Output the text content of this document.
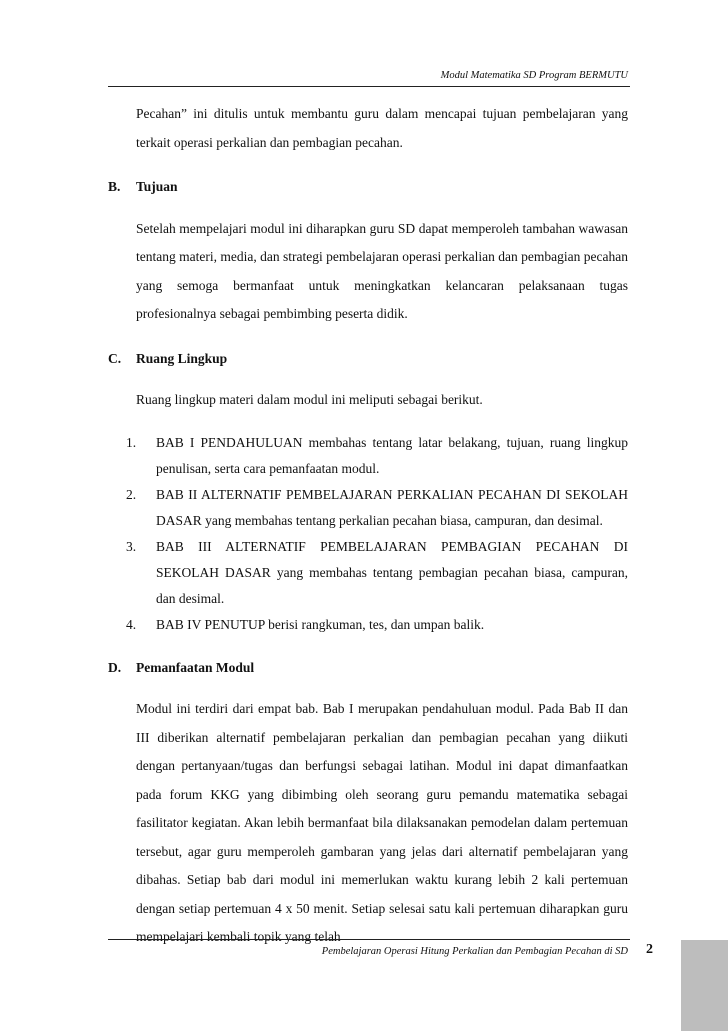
Modul Matematika SD Program BERMUTU

Pecahan” ini ditulis untuk membantu guru dalam mencapai tujuan pembelajaran yang terkait operasi perkalian dan pembagian pecahan.

B.	Tujuan

Setelah mempelajari modul ini diharapkan guru SD dapat memperoleh tambahan wawasan tentang materi, media, dan strategi pembelajaran operasi perkalian dan pembagian pecahan yang semoga bermanfaat untuk meningkatkan kelancaran pelaksanaan tugas profesionalnya sebagai pembimbing peserta didik.

C.	Ruang Lingkup

Ruang lingkup materi dalam modul ini meliputi sebagai berikut.

1. BAB I PENDAHULUAN membahas tentang latar belakang, tujuan, ruang lingkup penulisan, serta cara pemanfaatan modul.
2. BAB II ALTERNATIF PEMBELAJARAN PERKALIAN PECAHAN DI SEKOLAH DASAR yang membahas tentang perkalian pecahan biasa, campuran, dan desimal.
3. BAB III ALTERNATIF PEMBELAJARAN PEMBAGIAN PECAHAN DI SEKOLAH DASAR yang membahas tentang pembagian pecahan biasa, campuran, dan desimal.
4. BAB IV PENUTUP berisi rangkuman, tes, dan umpan balik.
D.	Pemanfaatan Modul

Modul ini terdiri dari empat bab. Bab I merupakan pendahuluan modul. Pada Bab II dan III diberikan alternatif pembelajaran perkalian dan pembagian pecahan yang diikuti dengan pertanyaan/tugas dan berfungsi sebagai latihan. Modul ini dapat dimanfaatkan pada forum KKG yang dibimbing oleh seorang guru pemandu matematika sebagai fasilitator kegiatan. Akan lebih bermanfaat bila dilaksanakan pemodelan dalam pertemuan tersebut, agar guru memperoleh gambaran yang jelas dari alternatif pembelajaran yang dibahas. Setiap bab dari modul ini memerlukan waktu kurang lebih 2 kali pertemuan dengan setiap pertemuan 4 x 50 menit. Setiap selesai satu kali pertemuan diharapkan guru mempelajari kembali topik yang telah

Pembelajaran Operasi Hitung Perkalian dan Pembagian Pecahan di SD 2
